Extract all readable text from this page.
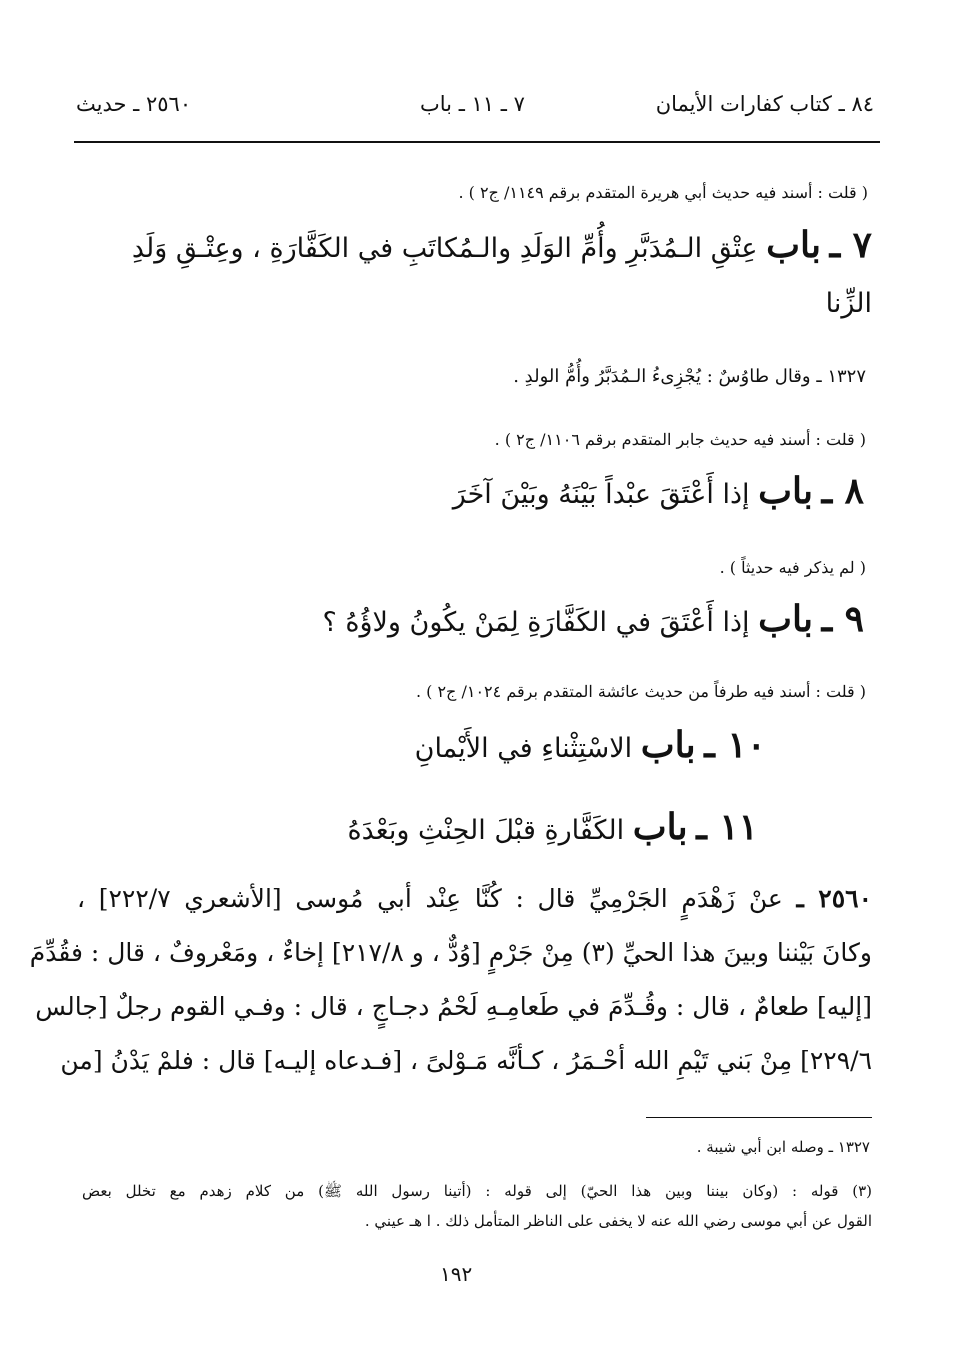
٨٤ ـ كتاب كفارات الأيمان
٧ ـ ١١ ـ باب
٢٥٦٠ ـ حديث
( قلت : أسند فيه حديث أبي هريرة المتقدم برقم ١١٤٩/ ج٢ ) .
٧ ـ باب عِتْقِ الـمُدَبَّرِ وأُمِّ الوَلَدِ والـمُكاتَبِ في الكَفَّارَةِ ، وعِتْـقِ وَلَدِ
الزِّنا
١٣٢٧ ـ وقال طاوُسٌ : يُجْزِىءُ الـمُدَبَّرُ وأُمُّ الولدِ .
( قلت : أسند فيه حديث جابر المتقدم برقم ١١٠٦/ ج٢ ) .
٨ ـ باب إذا أَعْتَقَ عبْداً بَيْنَهُ وبَيْنَ آخَرَ
( لم يذكر فيه حديثاً ) .
٩ ـ باب إذا أَعْتَقَ في الكَفَّارَةِ لِمَنْ يكُونُ ولاؤُهُ ؟
( قلت : أسند فيه طرفاً من حديث عائشة المتقدم برقم ١٠٢٤/ ج٢ ) .
١٠ ـ باب الاسْتِثْناءِ في الأَيْمانِ
١١ ـ باب الكَفَّارةِ قبْلَ الحِنْثِ وبَعْدَهُ
٢٥٦٠ ـ عنْ زَهْدَمٍ الجَرْمِيِّ قال : كُنَّا عِنْد أبي مُوسى [الأشعري ٢٢٢/٧] ،
وكانَ بَيْننا وبينَ هذا الحيِّ (٣) مِنْ جَرْمٍ [وُدٌّ ، و ٢١٧/٨] إخاءٌ ، ومَعْروفٌ ، قال : فقُدِّمَ
[إليه] طعامٌ ، قال : وقُـدِّمَ في طَعامِـهِ لَحْمُ دجـاجٍ ، قال : وفـي القوم رجلٌ [جالس
٢٢٩/٦] مِنْ بَني تَيْمِ الله أحْـمَرُ ، كـأنَّه مَـوْلىً ، [فـدعاه إليـه] قال : فلمْ يَدْنُ [من
١٣٢٧ ـ وصله ابن أبي شيبة .
(٣) قوله : (وكان بيننا وبين هذا الحيّ) إلى قوله : (أتينا رسول الله ﷺ) من كلام زهدم مع تخلل بعض
القول عن أبي موسى رضي الله عنه لا يخفى على الناظر المتأمل ذلك . ا هـ عيني .
١٩٢
